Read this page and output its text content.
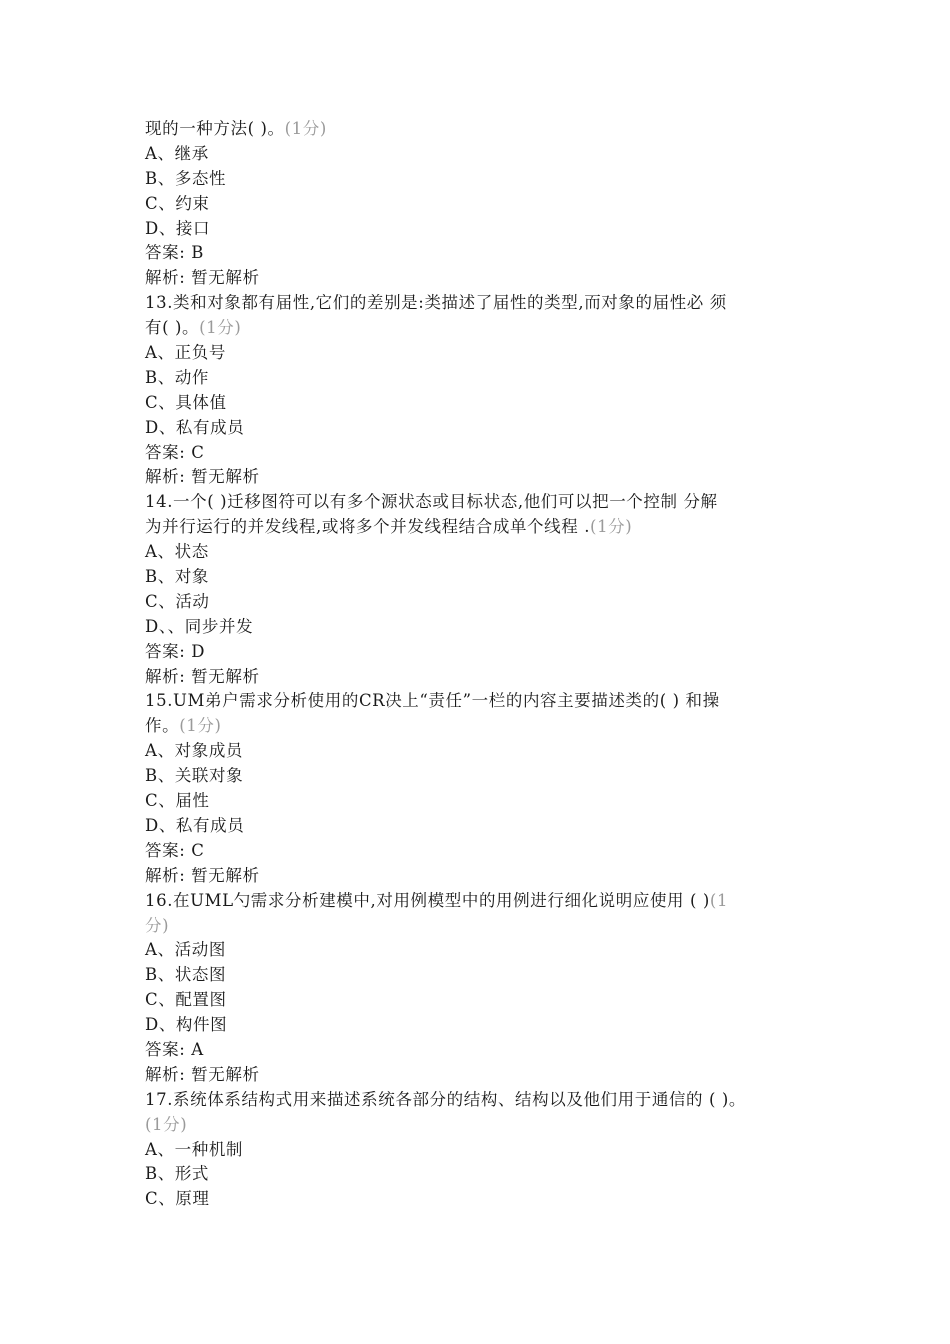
现的一种方法( )。(1分)
A、继承
B、多态性
C、约束
D、接口
答案: B
解析: 暂无解析
13.类和对象都有届性,它们的差别是:类描述了届性的类型,而对象的届性必 须
有( )。(1分)
A、正负号
B、动作
C、具体值
D、私有成员
答案: C
解析: 暂无解析
14.一个( )迁移图符可以有多个源状态或目标状态,他们可以把一个控制 分解
为并行运行的并发线程,或将多个并发线程结合成单个线程 .(1分)
A、状态
B、对象
C、活动
D、、同步并发
答案: D
解析: 暂无解析
15.UM弟户需求分析使用的CR决上“责任”一栏的内容主要描述类的( ) 和操
作。(1分)
A、对象成员
B、关联对象
C、届性
D、私有成员
答案: C
解析: 暂无解析
16.在UML勺需求分析建模中,对用例模型中的用例进行细化说明应使用 ( )(1
分)
A、活动图
B、状态图
C、配置图
D、构件图
答案: A
解析: 暂无解析
17.系统体系结构式用来描述系统各部分的结构、结构以及他们用于通信的 ( )。
(1分)
A、一种机制
B、形式
C、原理
